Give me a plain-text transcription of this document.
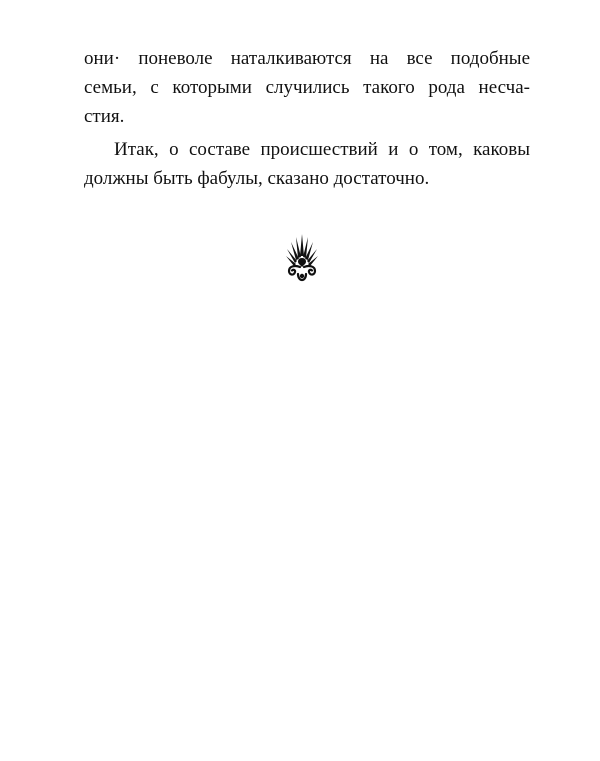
они· поневоле наталкиваются на все подобные
семьи, с которыми случились такого рода несча-
стия.
Итак, о составе происшествий и о том, каковы
должны быть фабулы, сказано достаточно.
